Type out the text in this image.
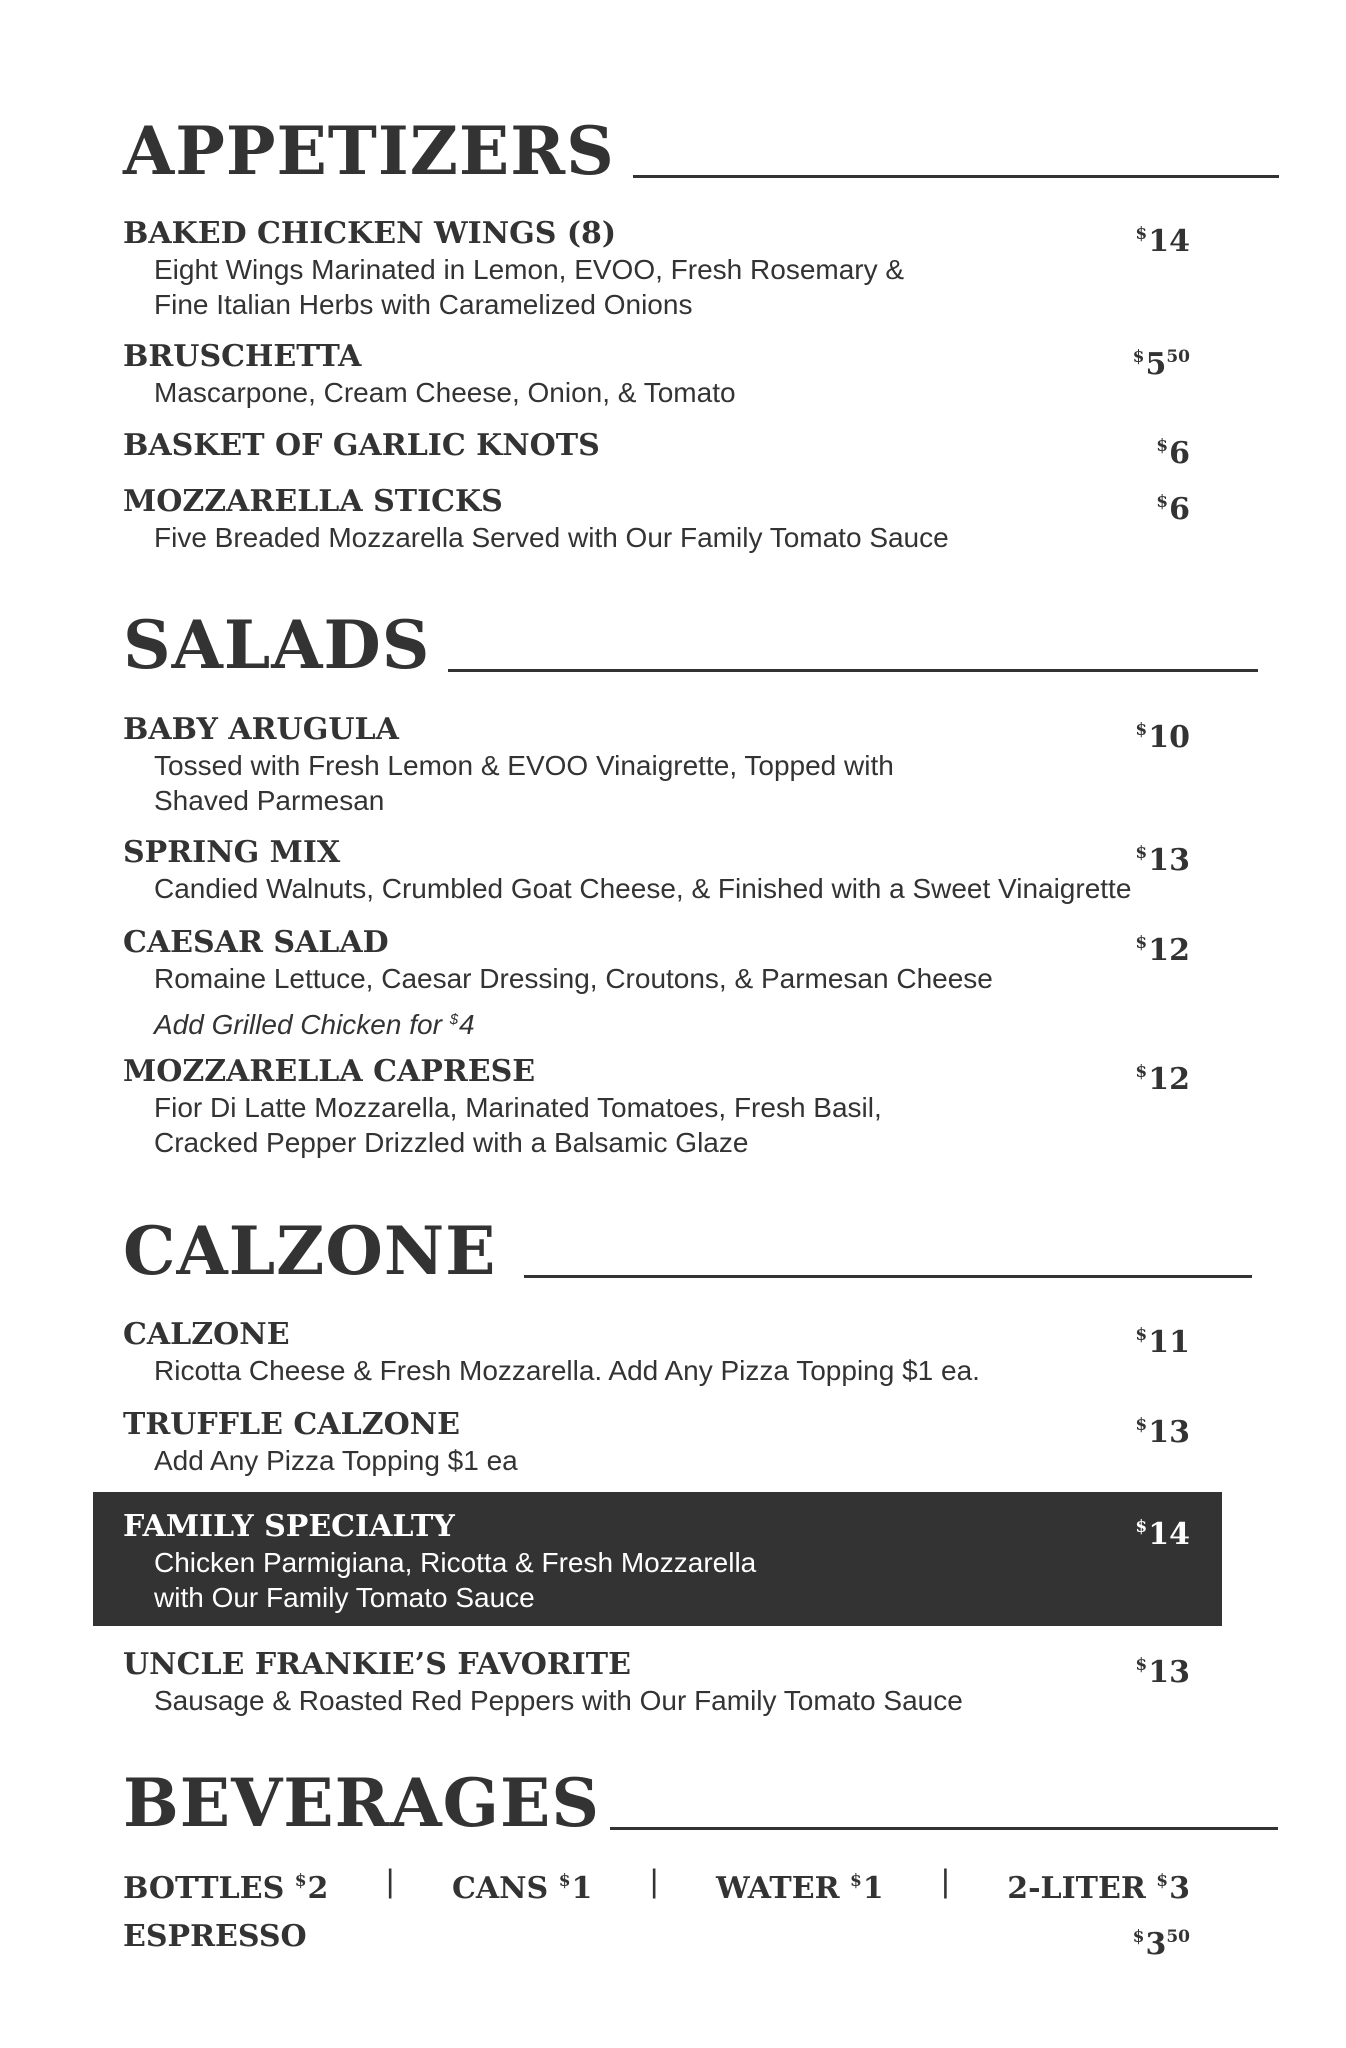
APPETIZERS
BAKED CHICKEN WINGS (8)	$14
Eight Wings Marinated in Lemon, EVOO, Fresh Rosemary &
Fine Italian Herbs with Caramelized Onions
BRUSCHETTA	$^{\$}5^{50}$
Mascarpone, Cream Cheese, Onion, & Tomato
BASKET OF GARLIC KNOTS	$6
MOZZARELLA STICKS	$6
Five Breaded Mozzarella Served with Our Family Tomato Sauce
SALADS
BABY ARUGULA	$10
Tossed with Fresh Lemon & EVOO Vinaigrette, Topped with
Shaved Parmesan
SPRING MIX	$13
Candied Walnuts, Crumbled Goat Cheese, & Finished with a Sweet Vinaigrette
CAESAR SALAD	$12
Romaine Lettuce, Caesar Dressing, Croutons, & Parmesan Cheese
Add Grilled Chicken for $4
MOZZARELLA CAPRESE	$12
Fior Di Latte Mozzarella, Marinated Tomatoes, Fresh Basil,
Cracked Pepper Drizzled with a Balsamic Glaze
CALZONE
CALZONE	$11
Ricotta Cheese & Fresh Mozzarella. Add Any Pizza Topping $1 ea.
TRUFFLE CALZONE	$13
Add Any Pizza Topping $1 ea
FAMILY SPECIALTY	$14
Chicken Parmigiana, Ricotta & Fresh Mozzarella
with Our Family Tomato Sauce
UNCLE FRANKIE’S FAVORITE	$13
Sausage & Roasted Red Peppers with Our Family Tomato Sauce
BEVERAGES
BOTTLES $2 | CANS $1 | WATER $1 | 2-LITER $3
ESPRESSO	$^{\$}3^{50}$
